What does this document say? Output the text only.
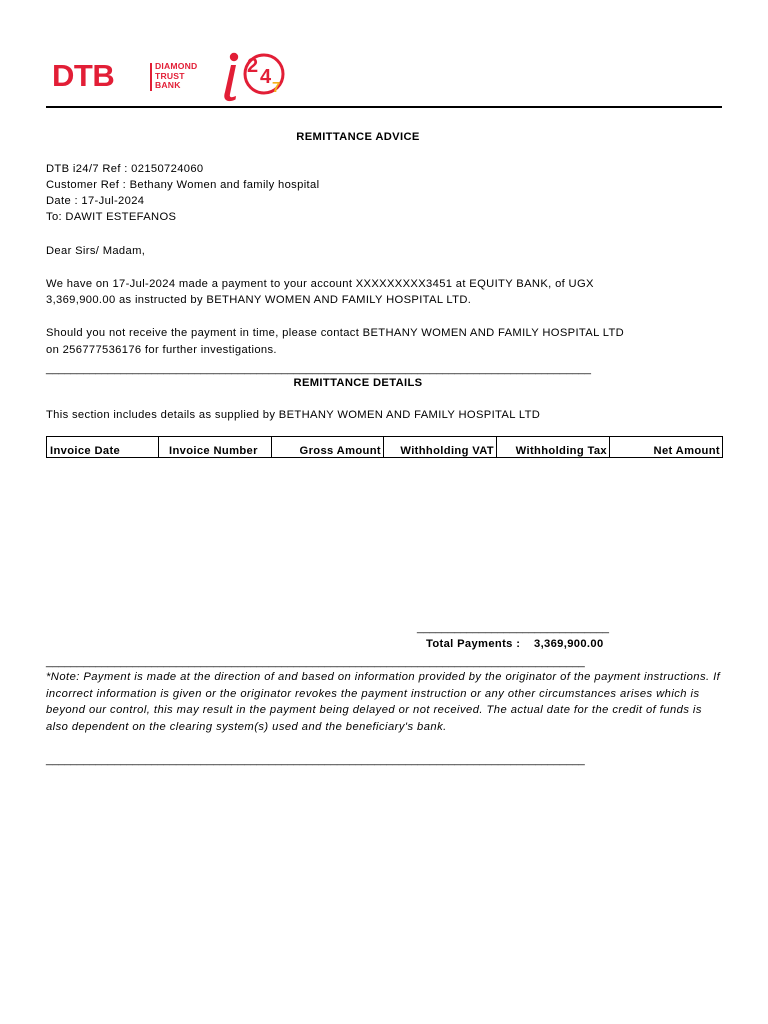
DTB	DIAMOND
TRUST
BANK
2 4 7
REMITTANCE ADVICE
DTB i24/7 Ref : 02150724060
Customer Ref : Bethany Women and family hospital
Date : 17-Jul-2024
To: DAWIT ESTEFANOS
Dear Sirs/ Madam,
We have on 17-Jul-2024 made a payment to your account XXXXXXXXX3451 at EQUITY BANK, of UGX
3,369,900.00 as instructed by BETHANY WOMEN AND FAMILY HOSPITAL LTD.
Should you not receive the payment in time, please contact BETHANY WOMEN AND FAMILY HOSPITAL LTD
on 256777536176 for further investigations.
________________________________________________________________________________________
REMITTANCE DETAILS
This section includes details as supplied by BETHANY WOMEN AND FAMILY HOSPITAL LTD
Invoice Date	Invoice Number	Gross Amount	Withholding VAT	Withholding Tax	Net Amount
_______________________________
Total Payments : 3,369,900.00
_______________________________________________________________________________________
*Note: Payment is made at the direction of and based on information provided by the originator of the payment instructions. If incorrect information is given or the originator revokes the payment instruction or any other circumstances arises which is beyond our control, this may result in the payment being delayed or not received. The actual date for the credit of funds is also dependent on the clearing system(s) used and the beneficiary's bank.
_______________________________________________________________________________________
